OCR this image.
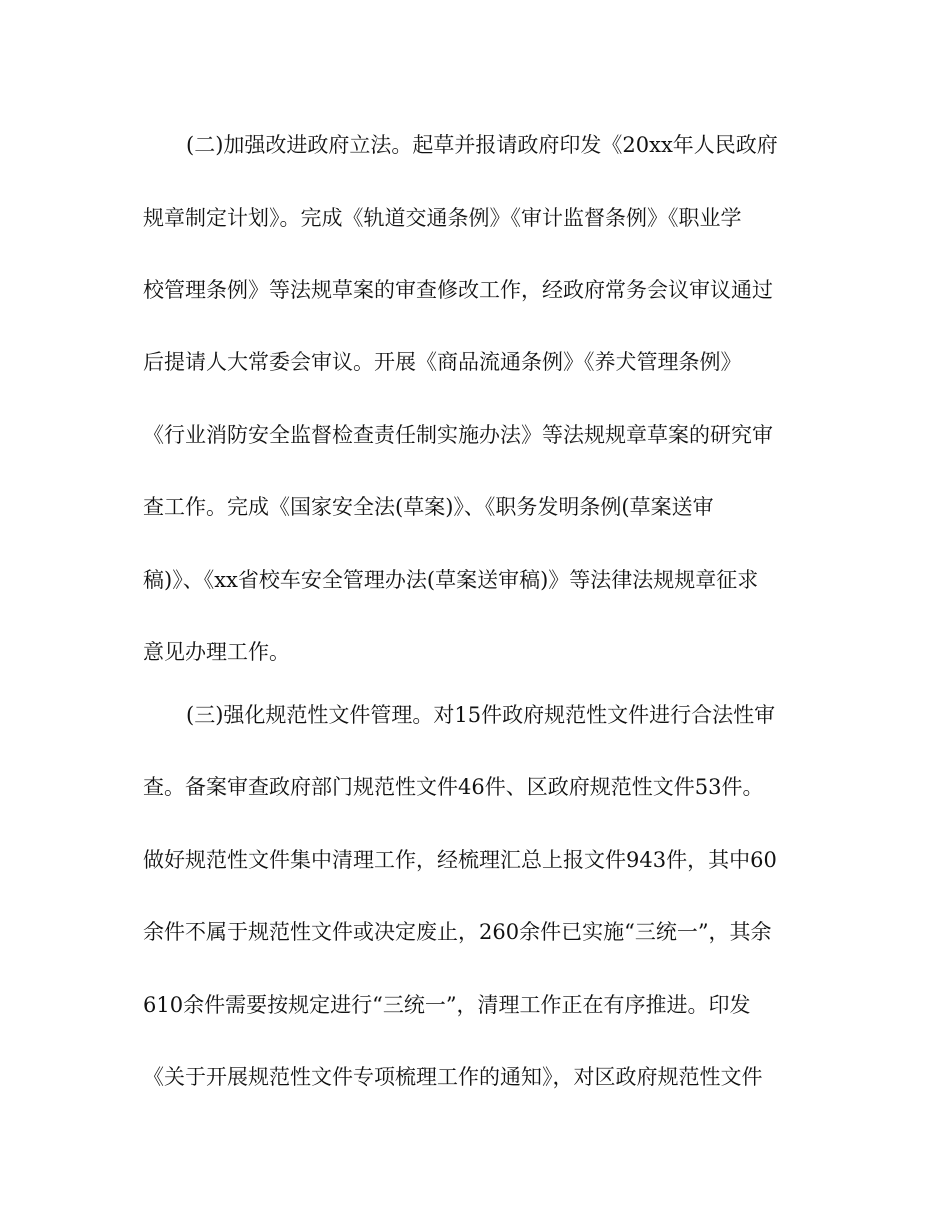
(二)加强改进政府立法。起草并报请政府印发《20xx年人民政府
规章制定计划》。完成《轨道交通条例》《审计监督条例》《职业学
校管理条例》等法规草案的审查修改工作，经政府常务会议审议通过
后提请人大常委会审议。开展《商品流通条例》《养犬管理条例》
《行业消防安全监督检查责任制实施办法》等法规规章草案的研究审
查工作。完成《国家安全法(草案)》、《职务发明条例(草案送审
稿)》、《xx省校车安全管理办法(草案送审稿)》等法律法规规章征求
意见办理工作。
(三)强化规范性文件管理。对15件政府规范性文件进行合法性审
查。备案审查政府部门规范性文件46件、区政府规范性文件53件。
做好规范性文件集中清理工作，经梳理汇总上报文件943件，其中60
余件不属于规范性文件或决定废止，260余件已实施“三统一”，其余
610余件需要按规定进行“三统一”，清理工作正在有序推进。印发
《关于开展规范性文件专项梳理工作的通知》，对区政府规范性文件
